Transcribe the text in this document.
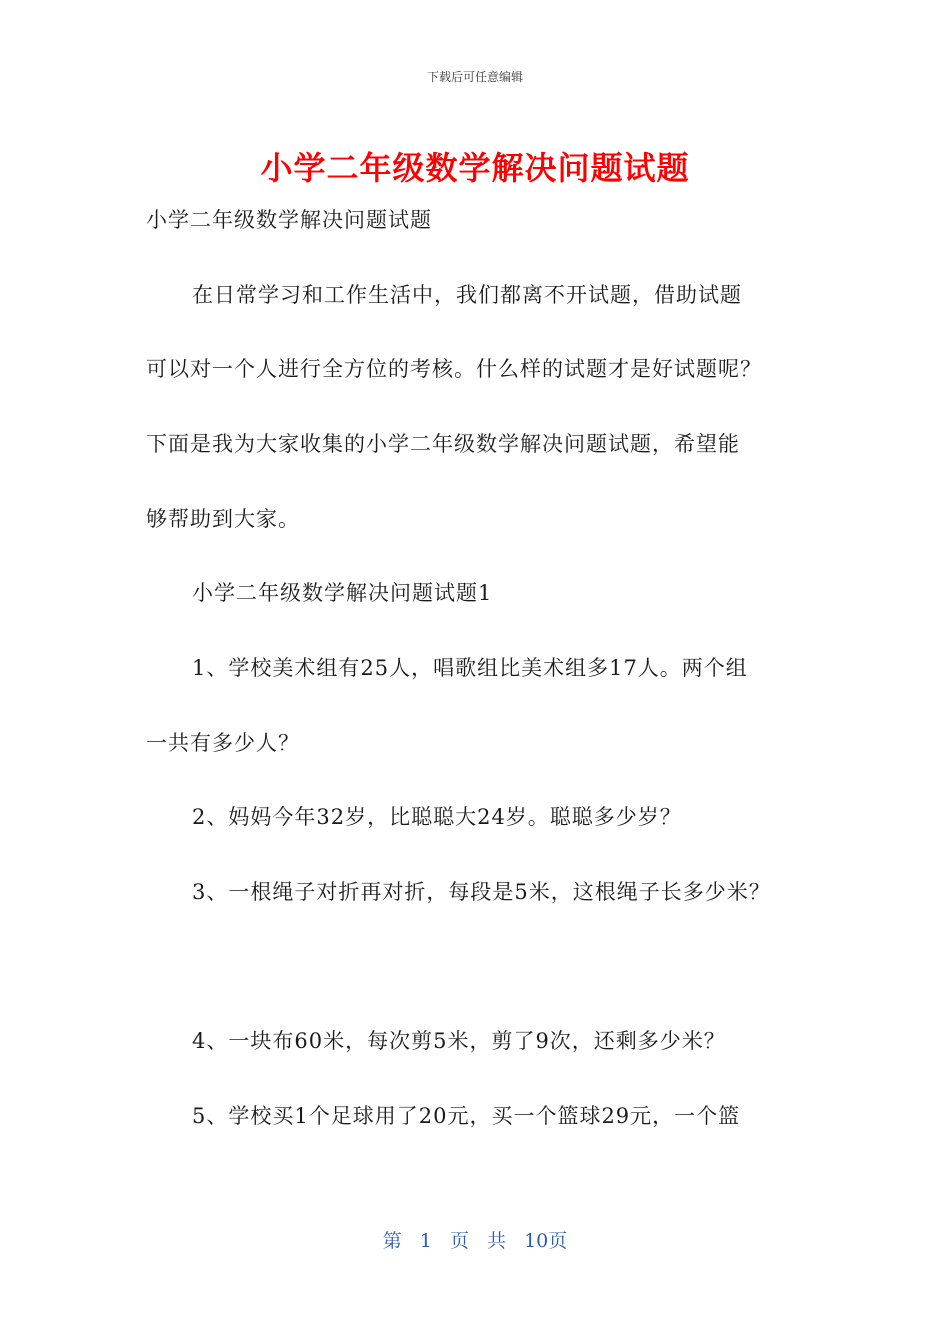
下载后可任意编辑
小学二年级数学解决问题试题
小学二年级数学解决问题试题
在日常学习和工作生活中，我们都离不开试题，借助试题
可以对一个人进行全方位的考核。什么样的试题才是好试题呢？
下面是我为大家收集的小学二年级数学解决问题试题，希望能
够帮助到大家。
小学二年级数学解决问题试题1
1、学校美术组有25人，唱歌组比美术组多17人。两个组
一共有多少人？
2、妈妈今年32岁，比聪聪大24岁。聪聪多少岁？
3、一根绳子对折再对折，每段是5米，这根绳子长多少米？
4、一块布60米，每次剪5米，剪了9次，还剩多少米？
5、学校买1个足球用了20元，买一个篮球29元，一个篮
第 1 页 共 10页
